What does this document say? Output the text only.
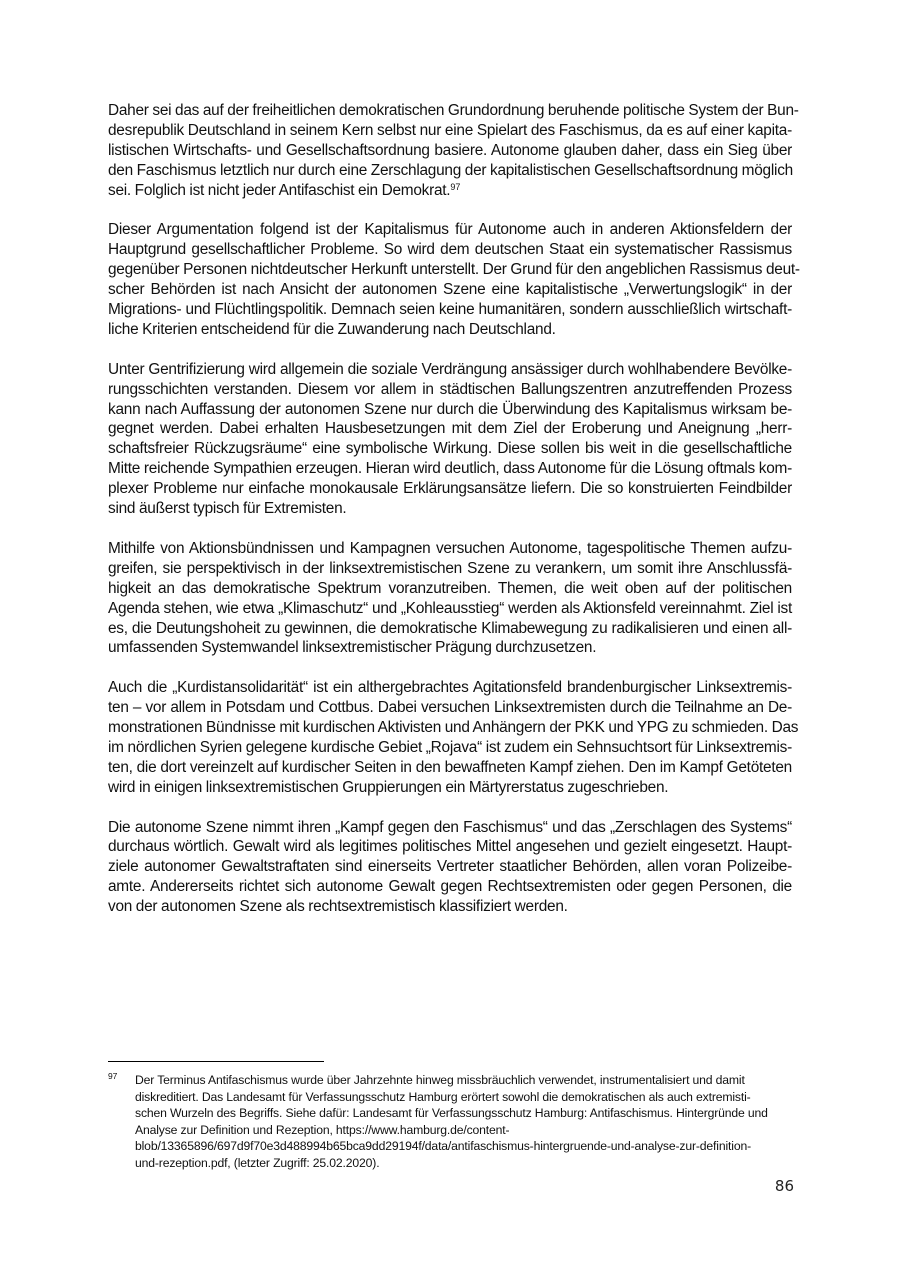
Daher sei das auf der freiheitlichen demokratischen Grundordnung beruhende politische System der Bun-
desrepublik Deutschland in seinem Kern selbst nur eine Spielart des Faschismus, da es auf einer kapita-
listischen Wirtschafts- und Gesellschaftsordnung basiere. Autonome glauben daher, dass ein Sieg über
den Faschismus letztlich nur durch eine Zerschlagung der kapitalistischen Gesellschaftsordnung möglich
sei. Folglich ist nicht jeder Antifaschist ein Demokrat.$^{97}$

Dieser Argumentation folgend ist der Kapitalismus für Autonome auch in anderen Aktionsfeldern der
Hauptgrund gesellschaftlicher Probleme. So wird dem deutschen Staat ein systematischer Rassismus
gegenüber Personen nichtdeutscher Herkunft unterstellt. Der Grund für den angeblichen Rassismus deut-
scher Behörden ist nach Ansicht der autonomen Szene eine kapitalistische „Verwertungslogik“ in der
Migrations- und Flüchtlingspolitik. Demnach seien keine humanitären, sondern ausschließlich wirtschaft-
liche Kriterien entscheidend für die Zuwanderung nach Deutschland.

Unter Gentrifizierung wird allgemein die soziale Verdrängung ansässiger durch wohlhabendere Bevölke-
rungsschichten verstanden. Diesem vor allem in städtischen Ballungszentren anzutreffenden Prozess
kann nach Auffassung der autonomen Szene nur durch die Überwindung des Kapitalismus wirksam be-
gegnet werden. Dabei erhalten Hausbesetzungen mit dem Ziel der Eroberung und Aneignung „herr-
schaftsfreier Rückzugsräume“ eine symbolische Wirkung. Diese sollen bis weit in die gesellschaftliche
Mitte reichende Sympathien erzeugen. Hieran wird deutlich, dass Autonome für die Lösung oftmals kom-
plexer Probleme nur einfache monokausale Erklärungsansätze liefern. Die so konstruierten Feindbilder
sind äußerst typisch für Extremisten.

Mithilfe von Aktionsbündnissen und Kampagnen versuchen Autonome, tagespolitische Themen aufzu-
greifen, sie perspektivisch in der linksextremistischen Szene zu verankern, um somit ihre Anschlussfä-
higkeit an das demokratische Spektrum voranzutreiben. Themen, die weit oben auf der politischen
Agenda stehen, wie etwa „Klimaschutz“ und „Kohleausstieg“ werden als Aktionsfeld vereinnahmt. Ziel ist
es, die Deutungshoheit zu gewinnen, die demokratische Klimabewegung zu radikalisieren und einen all-
umfassenden Systemwandel linksextremistischer Prägung durchzusetzen.

Auch die „Kurdistansolidarität“ ist ein althergebrachtes Agitationsfeld brandenburgischer Linksextremis-
ten – vor allem in Potsdam und Cottbus. Dabei versuchen Linksextremisten durch die Teilnahme an De-
monstrationen Bündnisse mit kurdischen Aktivisten und Anhängern der PKK und YPG zu schmieden. Das
im nördlichen Syrien gelegene kurdische Gebiet „Rojava“ ist zudem ein Sehnsuchtsort für Linksextremis-
ten, die dort vereinzelt auf kurdischer Seiten in den bewaffneten Kampf ziehen. Den im Kampf Getöteten
wird in einigen linksextremistischen Gruppierungen ein Märtyrerstatus zugeschrieben.

Die autonome Szene nimmt ihren „Kampf gegen den Faschismus“ und das „Zerschlagen des Systems“
durchaus wörtlich. Gewalt wird als legitimes politisches Mittel angesehen und gezielt eingesetzt. Haupt-
ziele autonomer Gewaltstraftaten sind einerseits Vertreter staatlicher Behörden, allen voran Polizeibe-
amte. Andererseits richtet sich autonome Gewalt gegen Rechtsextremisten oder gegen Personen, die
von der autonomen Szene als rechtsextremistisch klassifiziert werden.

97 Der Terminus Antifaschismus wurde über Jahrzehnte hinweg missbräuchlich verwendet, instrumentalisiert und damit
diskreditiert. Das Landesamt für Verfassungsschutz Hamburg erörtert sowohl die demokratischen als auch extremisti-
schen Wurzeln des Begriffs. Siehe dafür: Landesamt für Verfassungsschutz Hamburg: Antifaschismus. Hintergründe und
Analyse zur Definition und Rezeption, https://www.hamburg.de/content-
blob/13365896/697d9f70e3d488994b65bca9dd29194f/data/antifaschismus-hintergruende-und-analyse-zur-definition-
und-rezeption.pdf, (letzter Zugriff: 25.02.2020).
86
